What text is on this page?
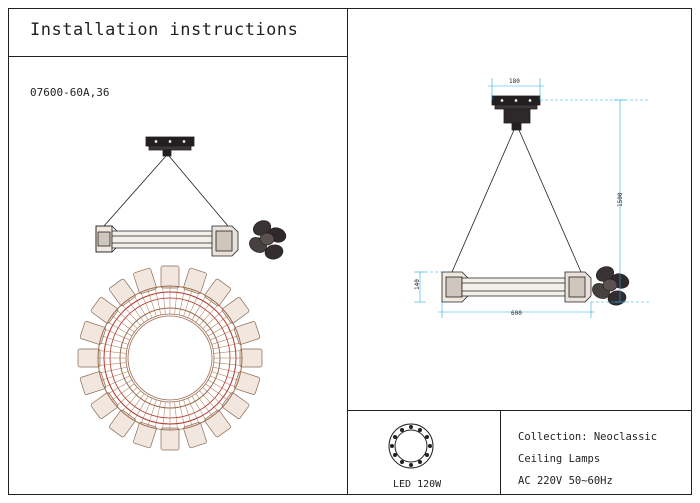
Installation instructions
07600-60A,36
180
600
1500
140
LED 120W
Collection: Neoclassic
Ceiling Lamps
AC 220V 50~60Hz
